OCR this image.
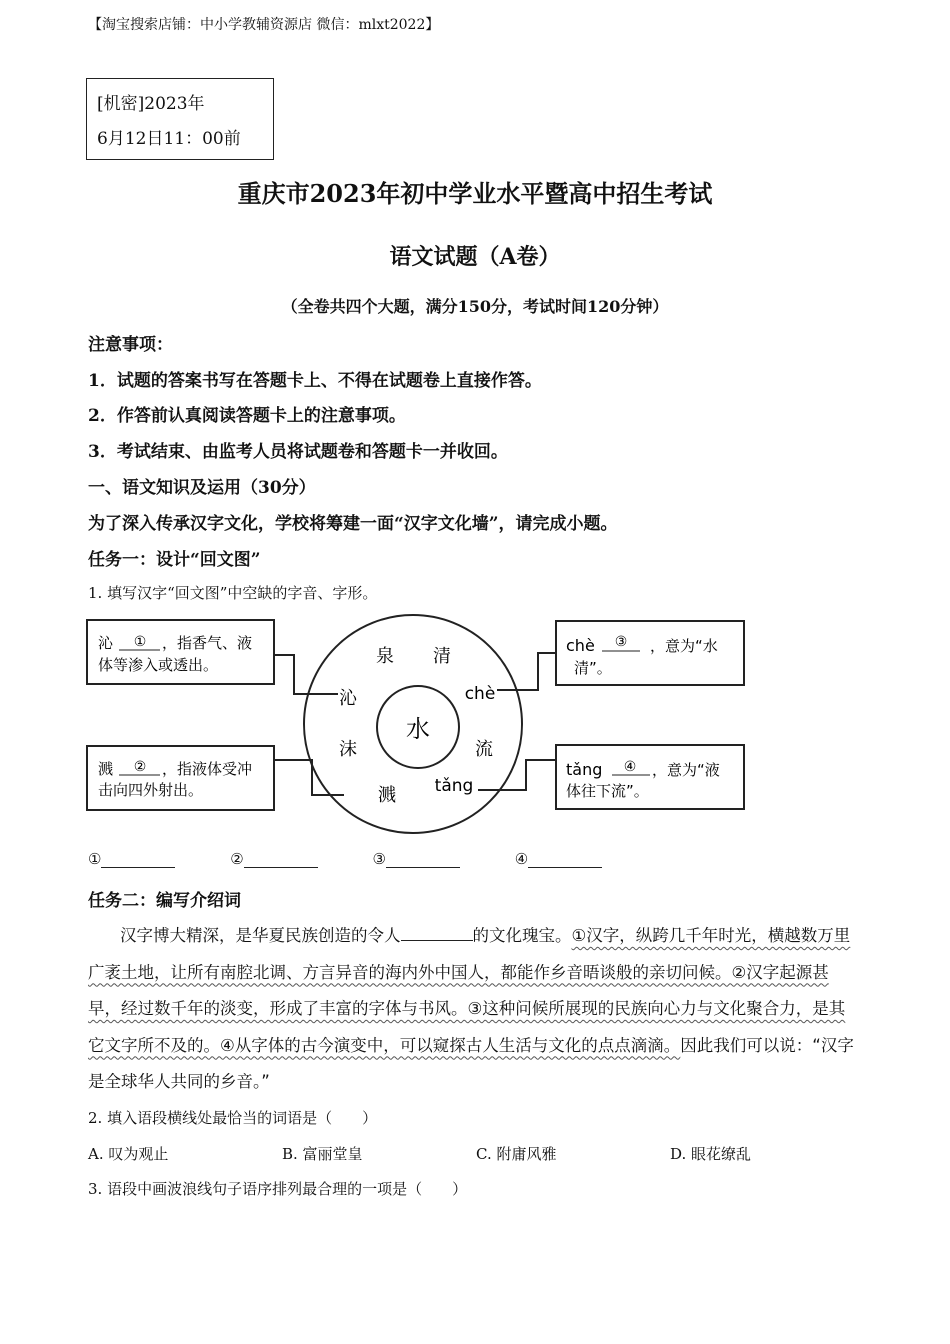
【淘宝搜索店铺：中小学教辅资源店 微信：mlxt2022】
[机密]2023年
6月12日11：00前
重庆市2023年初中学业水平暨高中招生考试
语文试题（A卷）
（全卷共四个大题，满分150分，考试时间120分钟）
注意事项：
1．试题的答案书写在答题卡上、不得在试题卷上直接作答。
2．作答前认真阅读答题卡上的注意事项。
3．考试结束、由监考人员将试题卷和答题卡一并收回。
一、语文知识及运用（30分）
为了深入传承汉字文化，学校将筹建一面“汉字文化墙”，请完成小题。
任务一：设计“回文图”
1. 填写汉字“回文图”中空缺的字音、字形。
水
泉 清
chè
流
tǎng
溅
沫
沁
沁 ① ，指香气、液
体等渗入或透出。
溅 ② ，指液体受冲
击向四外射出。
chè ③ ，意为“水
清”。
tǎng ④ ，意为“液
体往下流”。
①	②	③	④
任务二：编写介绍词
汉字博大精深，是华夏民族创造的令人	的文化瑰宝。①汉字，纵跨几千年时光，横越数万里广袤土地，让所有南腔北调、方言异音的海内外中国人，都能作乡音晤谈般的亲切问候。②汉字起源甚早，经过数千年的淡变，形成了丰富的字体与书风。③这种问候所展现的民族向心力与文化聚合力，是其它文字所不及的。④从字体的古今演变中，可以窥探古人生活与文化的点点滴滴。因此我们可以说：“汉字是全球华人共同的乡音。”
2. 填入语段横线处最恰当的词语是（　　）
A. 叹为观止	B. 富丽堂皇	C. 附庸风雅	D. 眼花缭乱
3. 语段中画波浪线句子语序排列最合理的一项是（　　）
